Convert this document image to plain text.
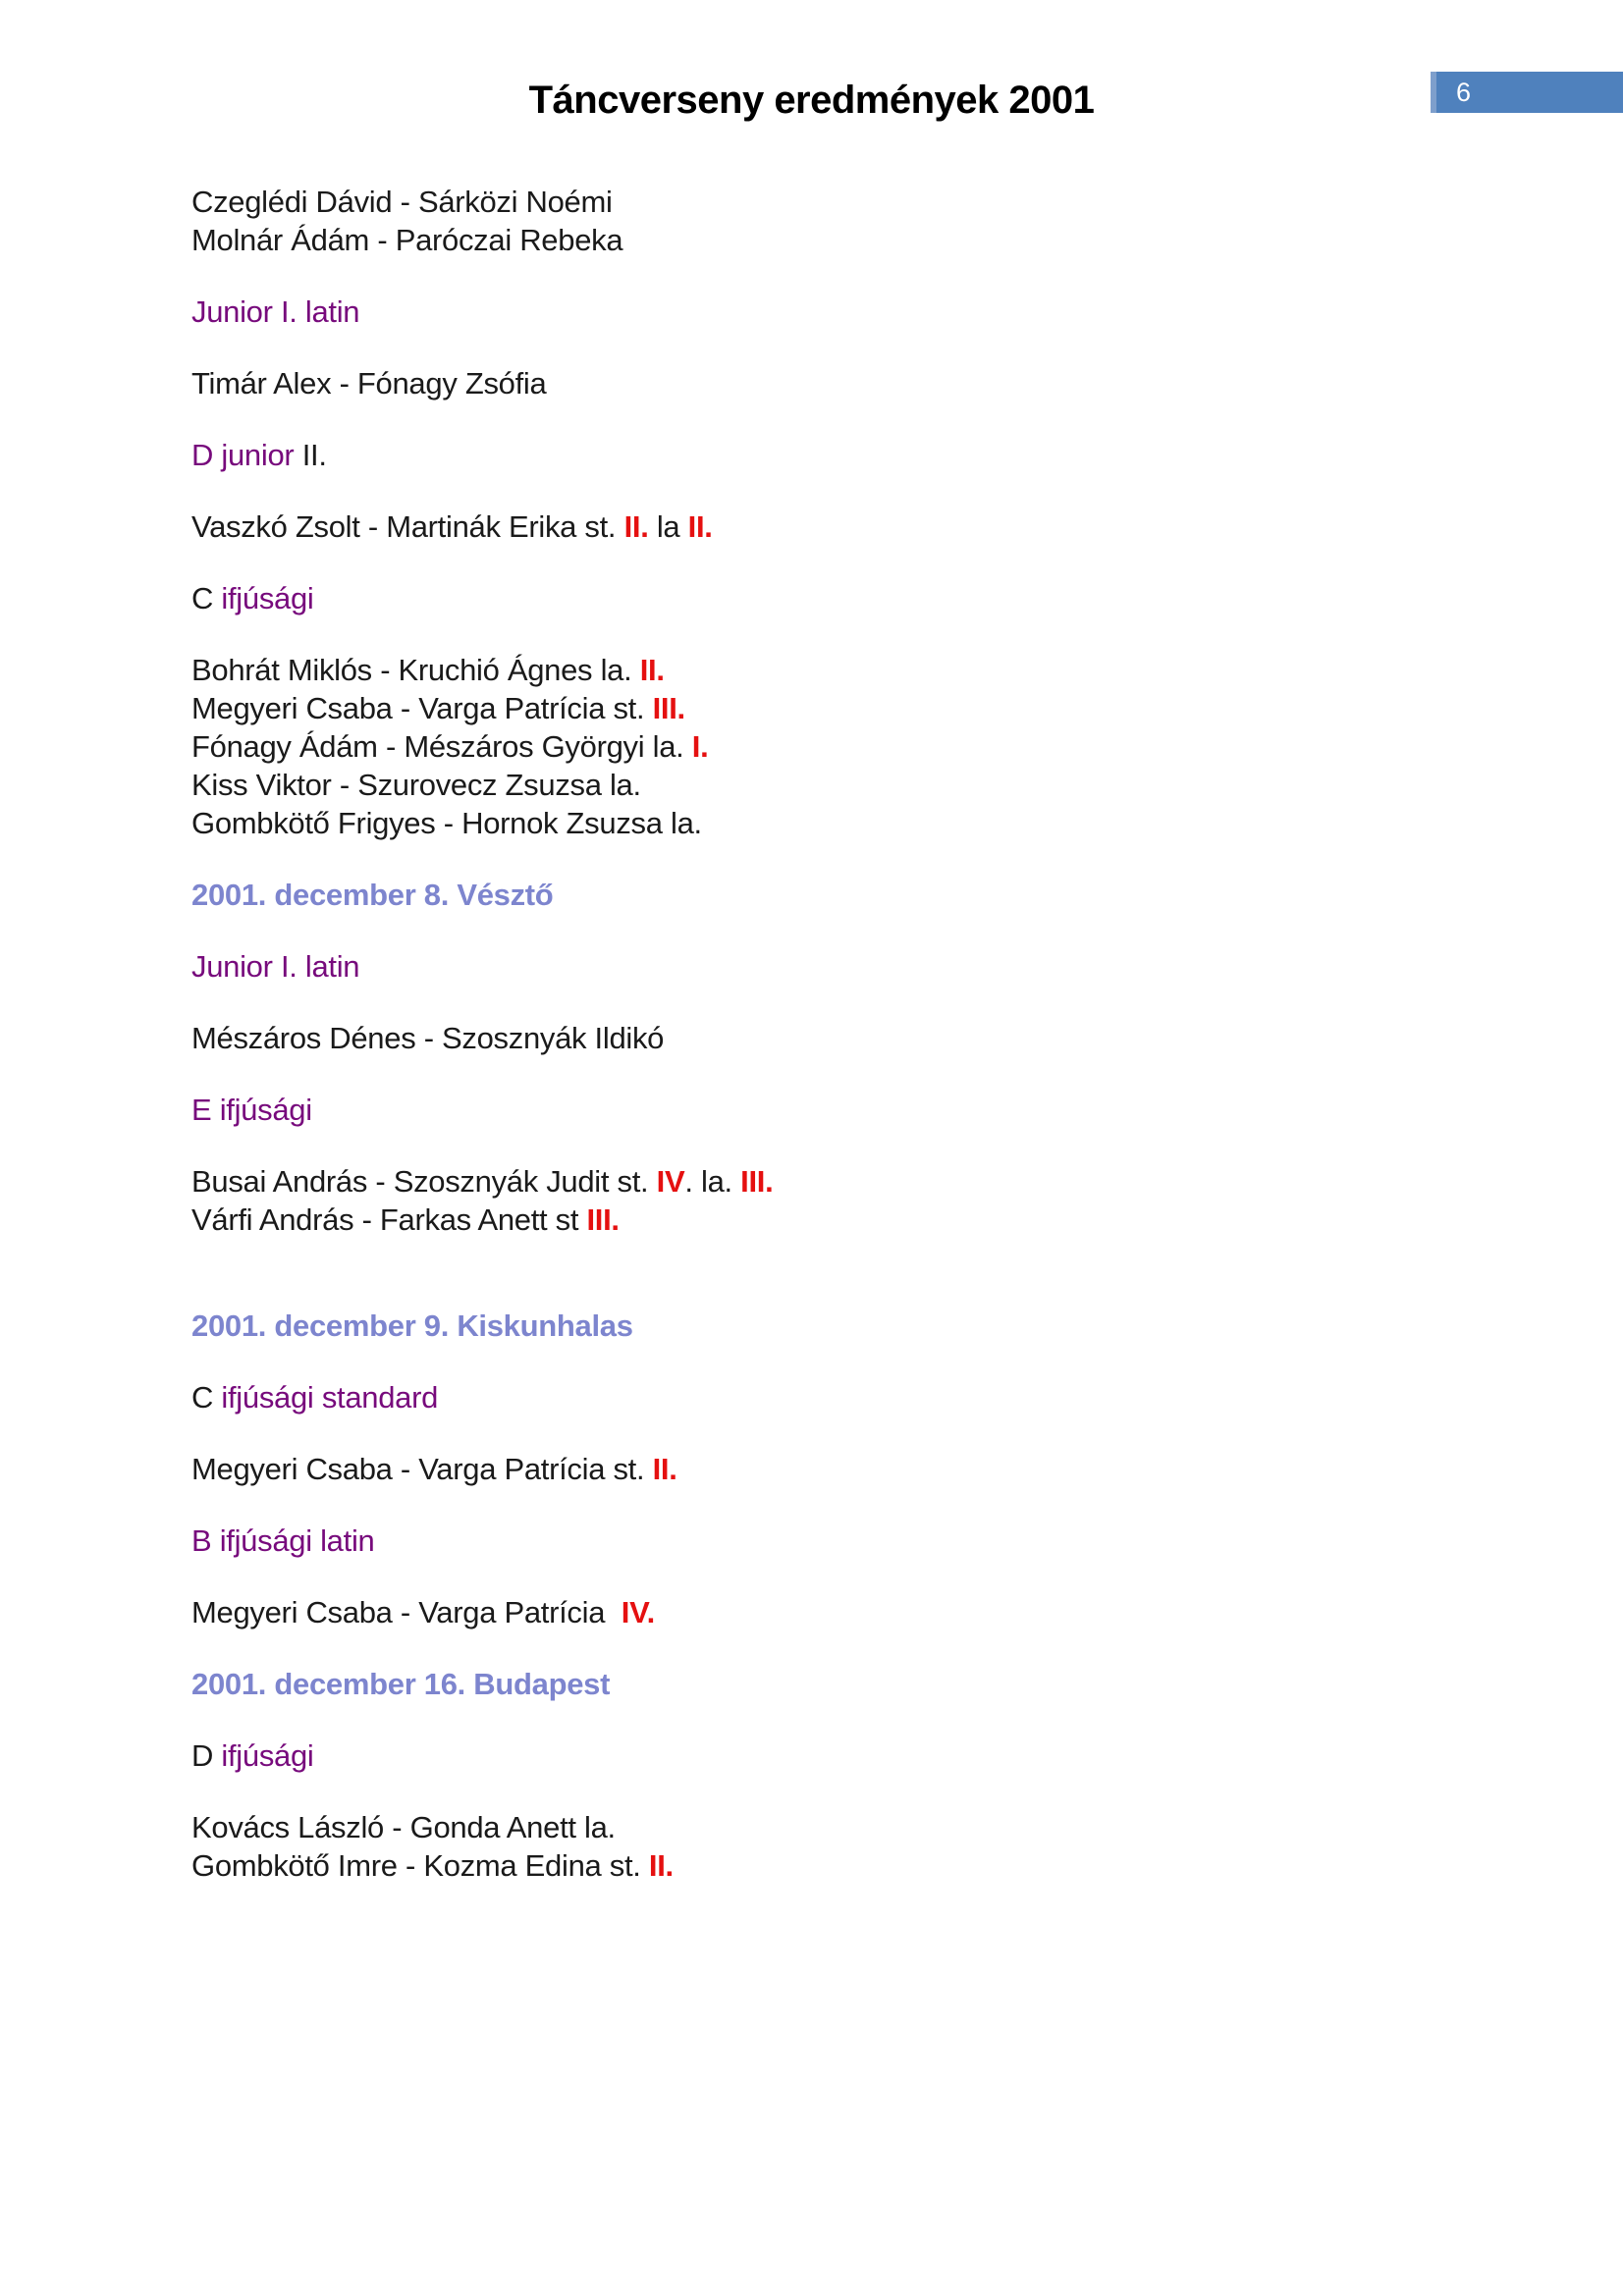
Táncverseny eredmények 2001	6
Czeglédi Dávid - Sárközi Noémi
Molnár Ádám - Paróczai Rebeka
Junior I. latin
Timár Alex - Fónagy Zsófia
D junior II.
Vaszkó Zsolt - Martinák Erika st. II. la II.
C ifjúsági
Bohrát Miklós - Kruchió Ágnes la. II.
Megyeri Csaba - Varga Patrícia st. III.
Fónagy Ádám - Mészáros Györgyi la. I.
Kiss Viktor - Szurovecz Zsuzsa la.
Gombkötő Frigyes - Hornok Zsuzsa la.
2001. december 8. Vésztő
Junior I. latin
Mészáros Dénes - Szosznyák Ildikó
E ifjúsági
Busai András - Szosznyák Judit st. IV. la. III.
Várfi András - Farkas Anett st III.
2001. december 9. Kiskunhalas
C ifjúsági standard
Megyeri Csaba - Varga Patrícia st. II.
B ifjúsági latin
Megyeri Csaba - Varga Patrícia  IV.
2001. december 16. Budapest
D ifjúsági
Kovács László - Gonda Anett la.
Gombkötő Imre - Kozma Edina st. II.
